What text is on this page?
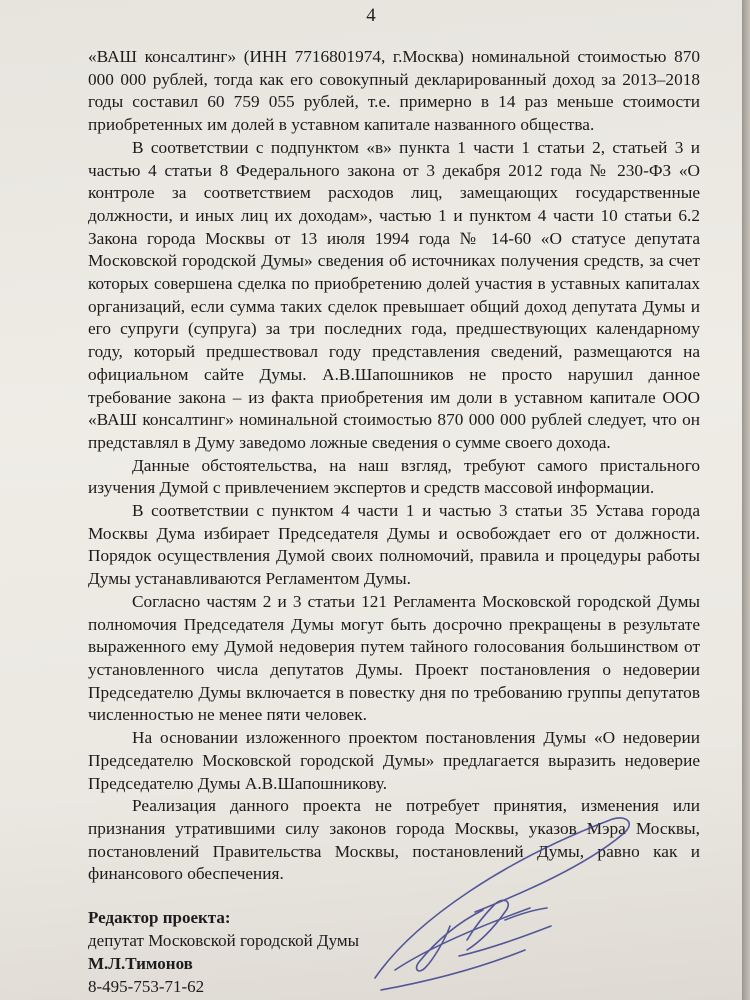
4

«ВАШ консалтинг» (ИНН 7716801974, г.Москва) номинальной стоимостью 870 000 000 рублей, тогда как его совокупный декларированный доход за 2013–2018 годы составил 60 759 055 рублей, т.е. примерно в 14 раз меньше стоимости приобретенных им долей в уставном капитале названного общества.

В соответствии с подпунктом «в» пункта 1 части 1 статьи 2, статьей 3 и частью 4 статьи 8 Федерального закона от 3 декабря 2012 года № 230-ФЗ «О контроле за соответствием расходов лиц, замещающих государственные должности, и иных лиц их доходам», частью 1 и пунктом 4 части 10 статьи 6.2 Закона города Москвы от 13 июля 1994 года № 14-60 «О статусе депутата Московской городской Думы» сведения об источниках получения средств, за счет которых совершена сделка по приобретению долей участия в уставных капиталах организаций, если сумма таких сделок превышает общий доход депутата Думы и его супруги (супруга) за три последних года, предшествующих календарному году, который предшествовал году представления сведений, размещаются на официальном сайте Думы. А.В.Шапошников не просто нарушил данное требование закона – из факта приобретения им доли в уставном капитале ООО «ВАШ консалтинг» номинальной стоимостью 870 000 000 рублей следует, что он представлял в Думу заведомо ложные сведения о сумме своего дохода.

Данные обстоятельства, на наш взгляд, требуют самого пристального изучения Думой с привлечением экспертов и средств массовой информации.

В соответствии с пунктом 4 части 1 и частью 3 статьи 35 Устава города Москвы Дума избирает Председателя Думы и освобождает его от должности. Порядок осуществления Думой своих полномочий, правила и процедуры работы Думы устанавливаются Регламентом Думы.

Согласно частям 2 и 3 статьи 121 Регламента Московской городской Думы полномочия Председателя Думы могут быть досрочно прекращены в результате выраженного ему Думой недоверия путем тайного голосования большинством от установленного числа депутатов Думы. Проект постановления о недоверии Председателю Думы включается в повестку дня по требованию группы депутатов численностью не менее пяти человек.

На основании изложенного проектом постановления Думы «О недоверии Председателю Московской городской Думы» предлагается выразить недоверие Председателю Думы А.В.Шапошникову.

Реализация данного проекта не потребует принятия, изменения или признания утратившими силу законов города Москвы, указов Мэра Москвы, постановлений Правительства Москвы, постановлений Думы, равно как и финансового обеспечения.

Редактор проекта:
депутат Московской городской Думы
М.Л.Тимонов
8-495-753-71-62
